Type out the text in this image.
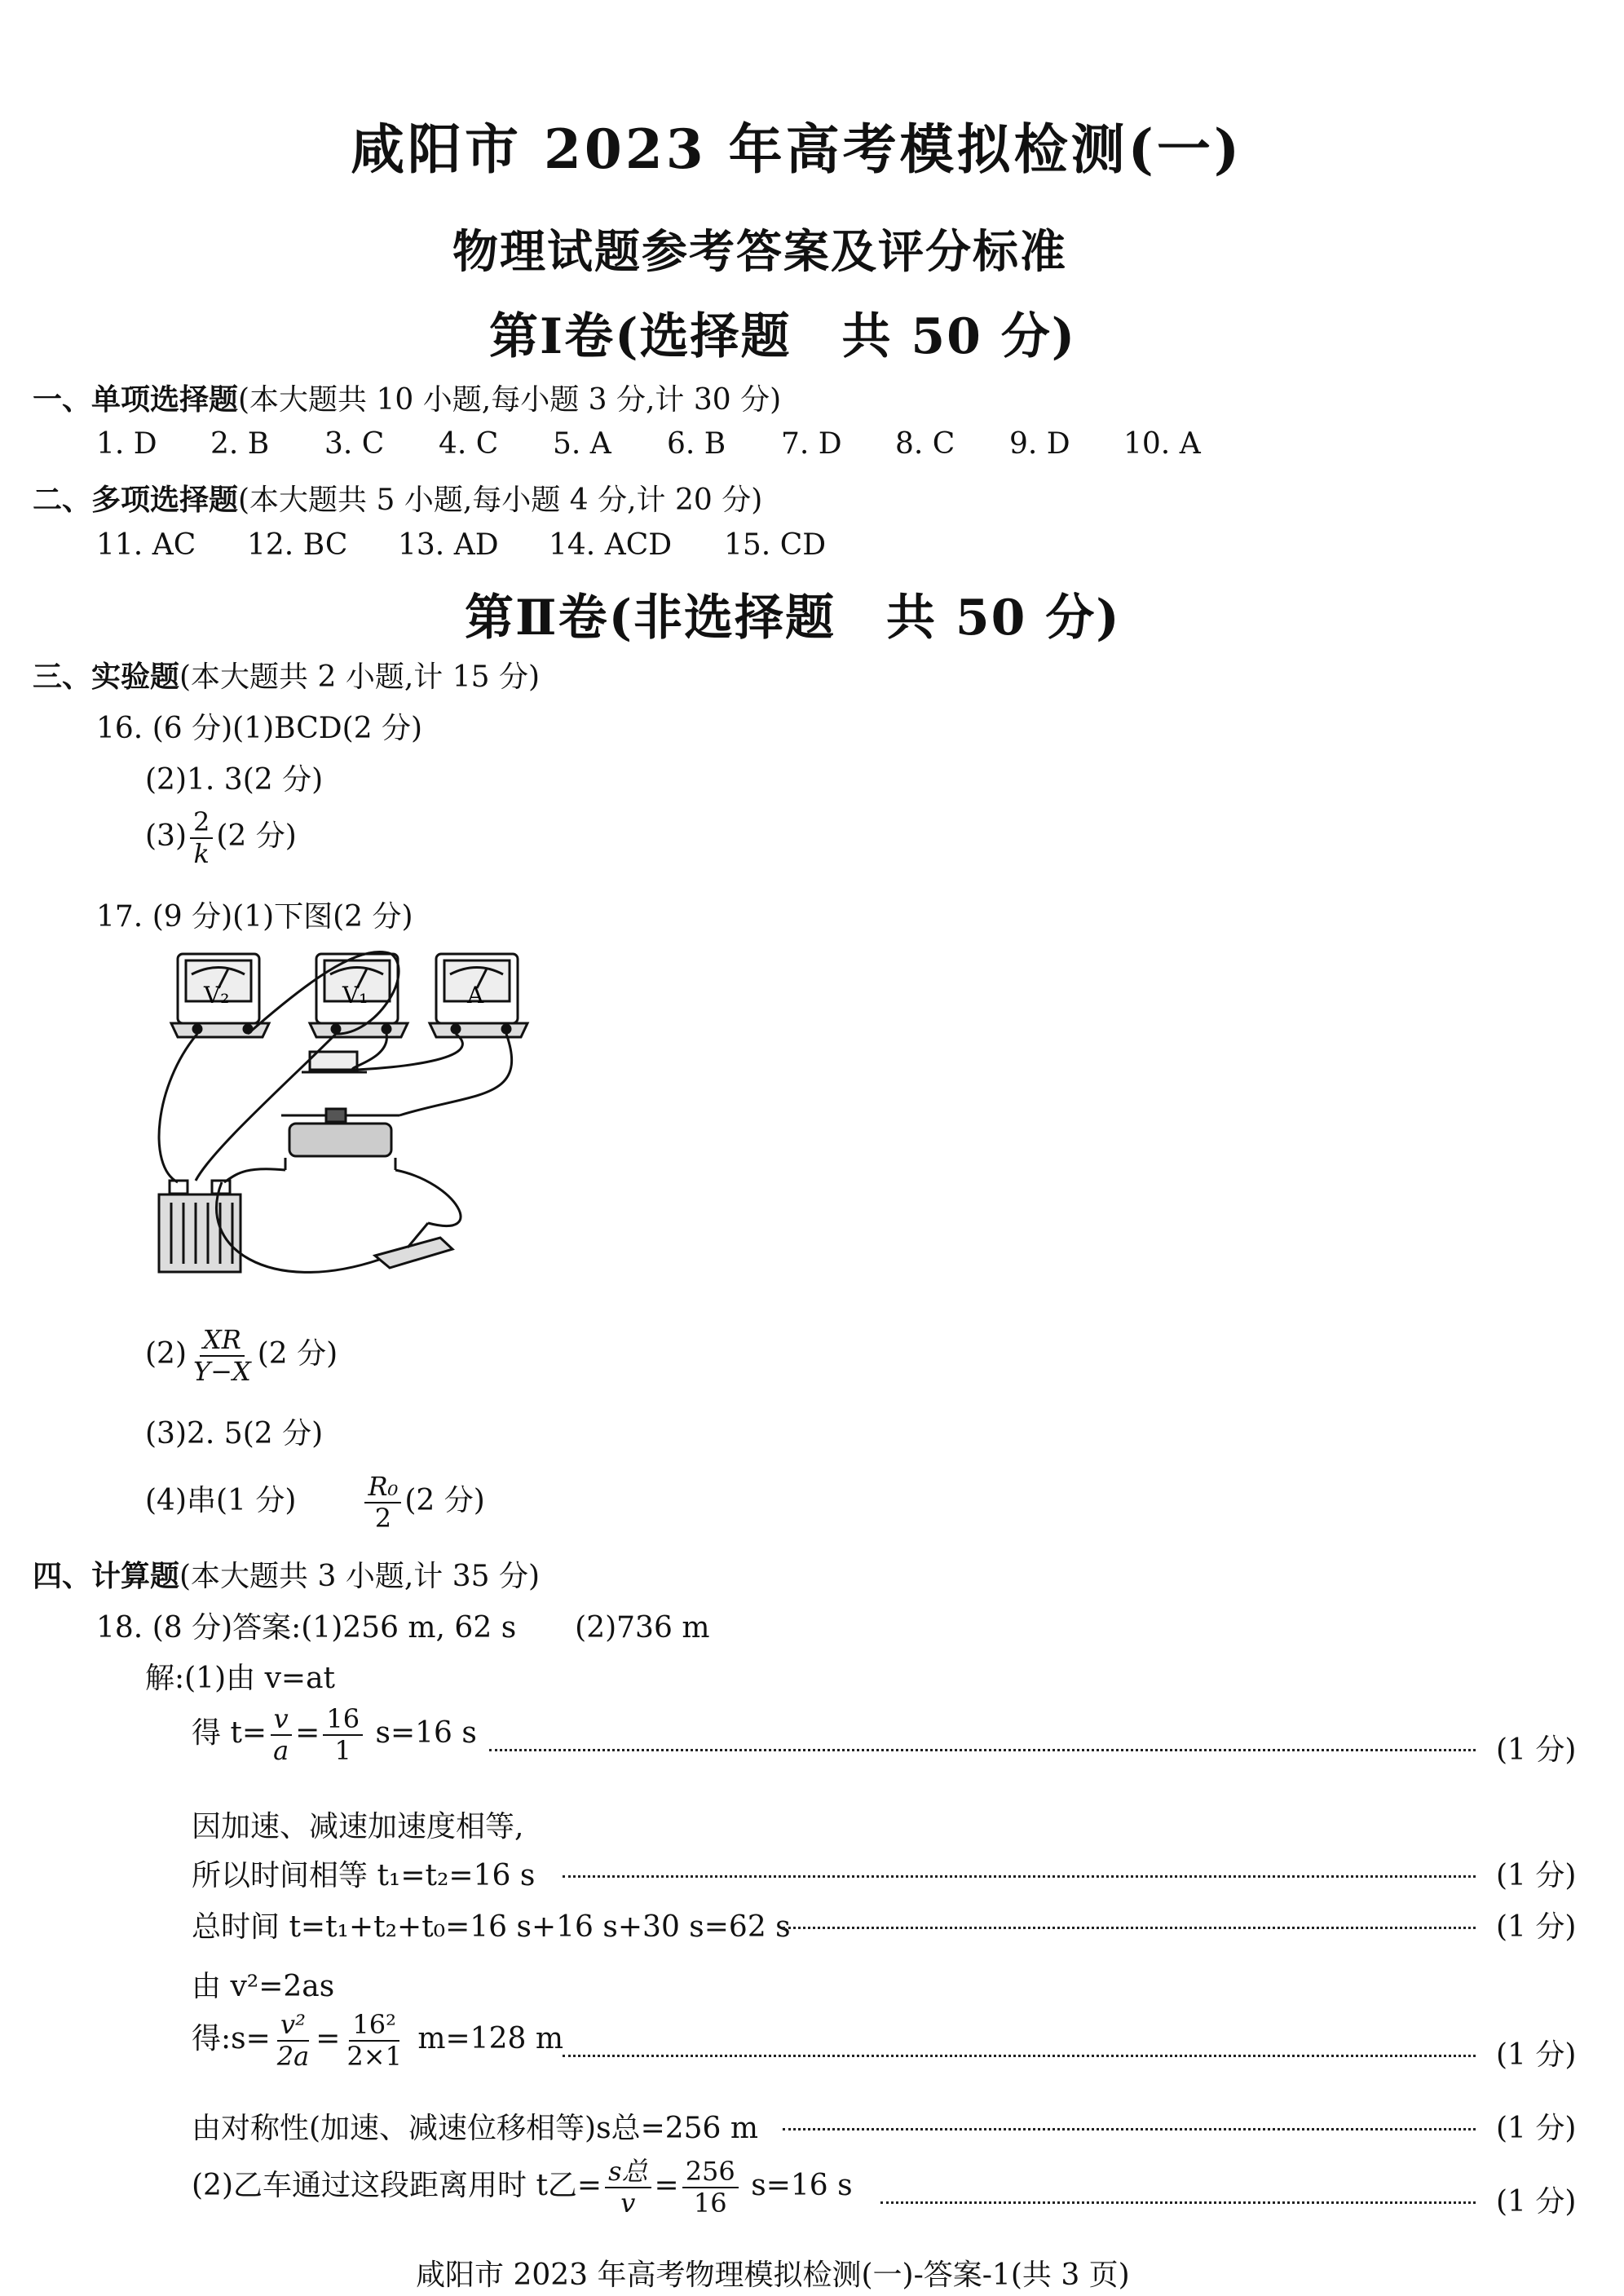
咸阳市 2023 年高考模拟检测(一)
物理试题参考答案及评分标准
第Ⅰ卷(选择题　共 50 分)
一、单项选择题(本大题共 10 小题,每小题 3 分,计 30 分)
1. D 2. B 3. C 4. C 5. A 6. B 7. D 8. C 9. D 10. A
二、多项选择题(本大题共 5 小题,每小题 4 分,计 20 分)
11. AC 12. BC 13. AD 14. ACD 15. CD
第Ⅱ卷(非选择题　共 50 分)
三、实验题(本大题共 2 小题,计 15 分)
16. (6 分)(1)BCD(2 分)
(2)1. 3(2 分)
$(3) \frac{2}{k} (2$ 分)
17. (9 分)(1)下图(2 分)
V₂	V₁	A
$(2) \frac{XR}{Y-X} (2$ 分)
(3)2. 5(2 分)
(4)串(1 分)	$\frac{\text{R₀}}{2} (2$ 分)
四、计算题(本大题共 3 小题,计 35 分)
18. (8 分)答案:(1)256 m, 62 s　　(2)736 m
解:(1)由 v=at
得 $t= \frac{v}{a} = \frac{16}{1} s=16$ s
(1 分)
因加速、减速加速度相等,
所以时间相等 t₁=t₂=16 s	(1 分)
总时间 t=t₁+t₂+t₀=16 s+16 s+30 s=62 s	(1 分)
由 v²=2as
得:s= $\frac{\text{v²}}{2a} = \frac{\text{16²}}{2\times 1} m=128$ m	(1 分)
由对称性(加速、减速位移相等)s总=256 m	(1 分)
(2)乙车通过这段距离用时 t乙= $\frac{\text{s总}}{v} = \frac{256}{16} s=16$ s	(1 分)
咸阳市 2023 年高考物理模拟检测(一)-答案-1(共 3 页)
